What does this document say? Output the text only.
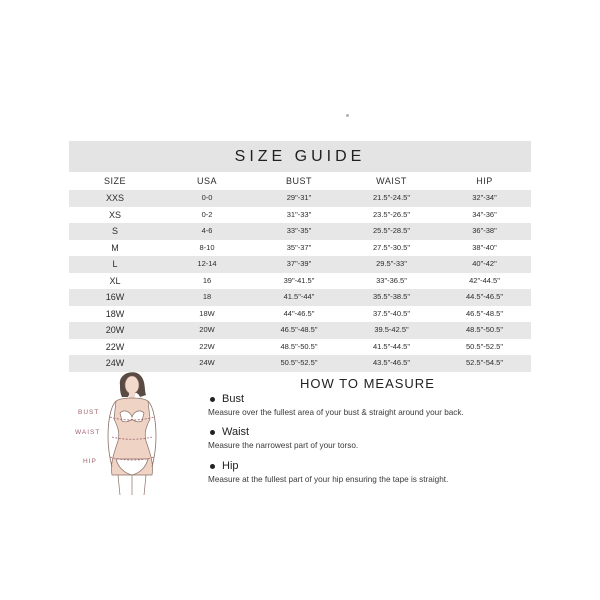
SIZE GUIDE
SIZE	USA	BUST	WAIST	HIP
XXS	0-0	29"-31"	21.5"-24.5"	32"-34"
XS	0-2	31"-33"	23.5"-26.5"	34"-36"
S	4-6	33"-35"	25.5"-28.5"	36"-38"
M	8-10	35"-37"	27.5"-30.5"	38"-40"
L	12-14	37"-39"	29.5"-33"	40"-42"
XL	16	39"-41.5"	33"-36.5"	42"-44.5"
16W	18	41.5"-44"	35.5"-38.5"	44.5"-46.5"
18W	18W	44"-46.5"	37.5"-40.5"	46.5"-48.5"
20W	20W	46.5"-48.5"	39.5-42.5"	48.5"-50.5"
22W	22W	48.5"-50.5"	41.5"-44.5"	50.5"-52.5"
24W	24W	50.5"-52.5"	43.5"-46.5"	52.5"-54.5"
BUST
WAIST
HIP
HOW TO MEASURE
Bust
Measure over the fullest area of your bust & straight around your back.
Waist
Measure the narrowest part of your torso.
Hip
Measure at the fullest part of your hip ensuring the tape is straight.
